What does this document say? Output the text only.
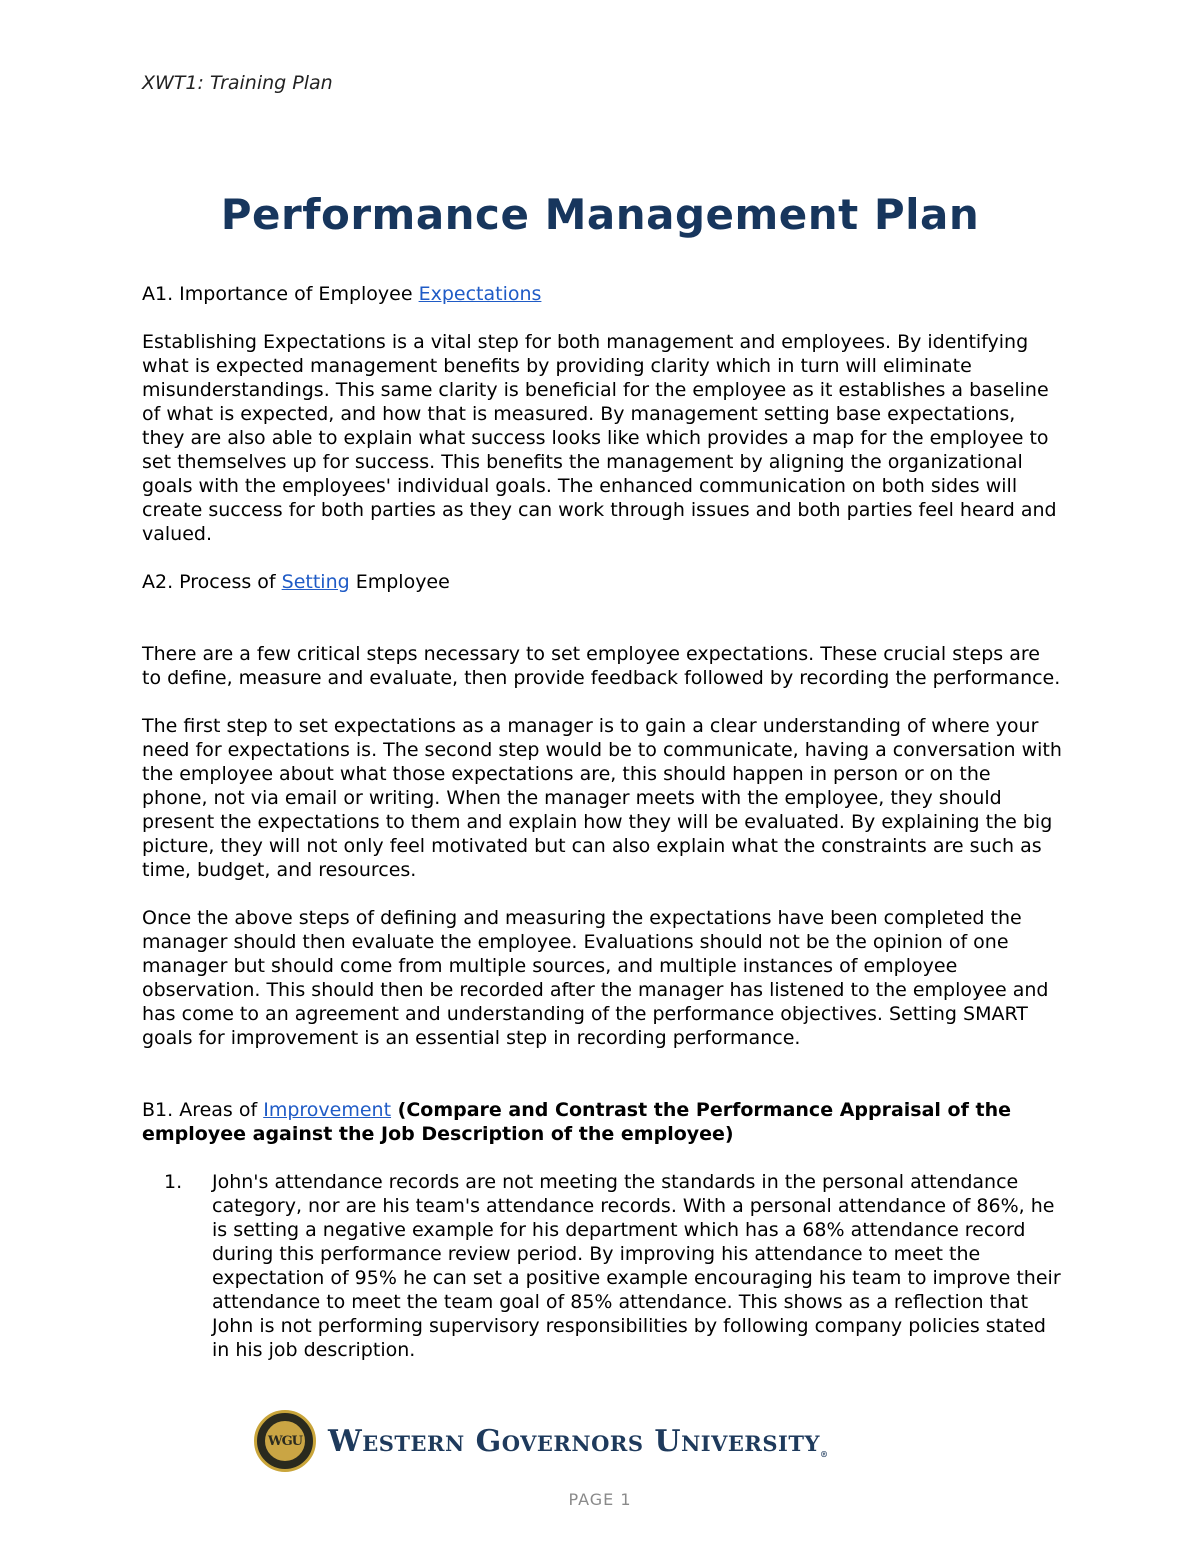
XWT1: Training Plan
Performance Management Plan

A1. Importance of Employee Expectations

Establishing Expectations is a vital step for both management and employees. By identifying what is expected management benefits by providing clarity which in turn will eliminate misunderstandings. This same clarity is beneficial for the employee as it establishes a baseline of what is expected, and how that is measured. By management setting base expectations, they are also able to explain what success looks like which provides a map for the employee to set themselves up for success. This benefits the management by aligning the organizational goals with the employees' individual goals. The enhanced communication on both sides will create success for both parties as they can work through issues and both parties feel heard and valued.

A2. Process of Setting Employee

There are a few critical steps necessary to set employee expectations. These crucial steps are to define, measure and evaluate, then provide feedback followed by recording the performance.

The first step to set expectations as a manager is to gain a clear understanding of where your need for expectations is. The second step would be to communicate, having a conversation with the employee about what those expectations are, this should happen in person or on the phone, not via email or writing. When the manager meets with the employee, they should present the expectations to them and explain how they will be evaluated. By explaining the big picture, they will not only feel motivated but can also explain what the constraints are such as time, budget, and resources.

Once the above steps of defining and measuring the expectations have been completed the manager should then evaluate the employee. Evaluations should not be the opinion of one manager but should come from multiple sources, and multiple instances of employee observation. This should then be recorded after the manager has listened to the employee and has come to an agreement and understanding of the performance objectives. Setting SMART goals for improvement is an essential step in recording performance.

B1. Areas of Improvement (Compare and Contrast the Performance Appraisal of the employee against the Job Description of the employee)

1. John's attendance records are not meeting the standards in the personal attendance category, nor are his team's attendance records. With a personal attendance of 86%, he is setting a negative example for his department which has a 68% attendance record during this performance review period. By improving his attendance to meet the expectation of 95% he can set a positive example encouraging his team to improve their attendance to meet the team goal of 85% attendance. This shows as a reflection that John is not performing supervisory responsibilities by following company policies stated in his job description.
WGU Western Governors University®
PAGE 1
